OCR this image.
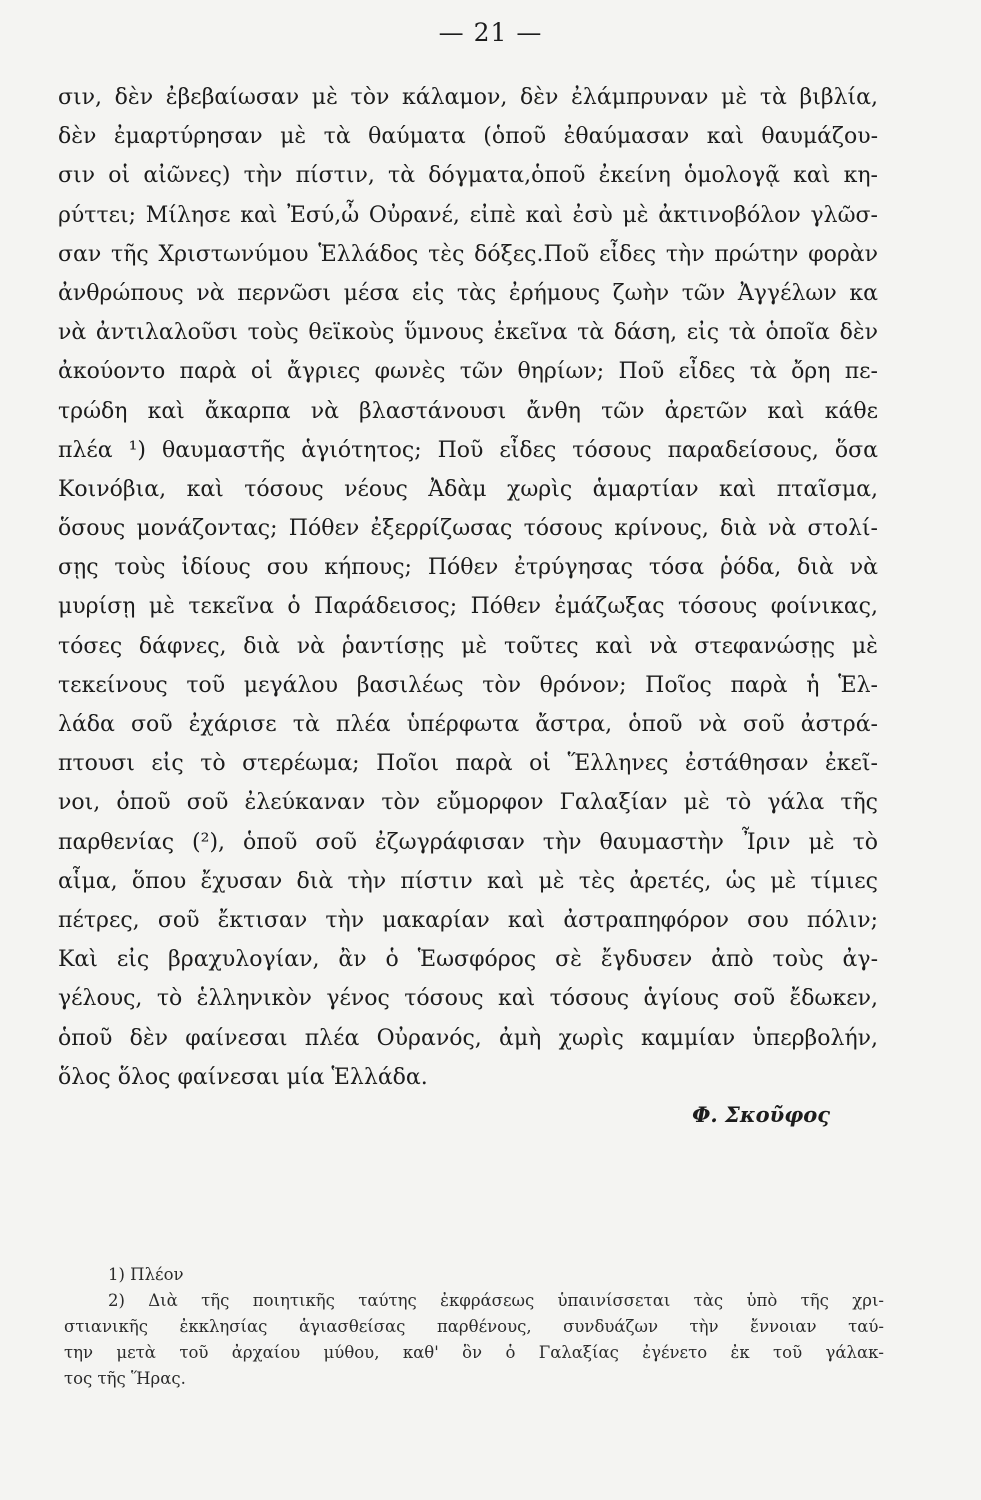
— 21 —
σιν, δὲν ἐβεβαίωσαν μὲ τὸν κάλαμον, δὲν ἐλάμπρυναν μὲ τὰ βιβλία,
δὲν ἐμαρτύρησαν μὲ τὰ θαύματα (ὁποῦ ἐθαύμασαν καὶ θαυμάζου-
σιν οἱ αἰῶνες) τὴν πίστιν, τὰ δόγματα,ὁποῦ ἐκείνη ὁμολογᾷ καὶ κη-
ρύττει; Μίλησε καὶ Ἐσύ,ὦ Οὐρανέ, εἰπὲ καὶ ἐσὺ μὲ ἀκτινοβόλον γλῶσ-
σαν τῆς Χριστωνύμου Ἑλλάδος τὲς δόξες.Ποῦ εἶδες τὴν πρώτην φορὰν
ἀνθρώπους νὰ περνῶσι μέσα εἰς τὰς ἐρήμους ζωὴν τῶν Ἀγγέλων κα
νὰ ἀντιλαλοῦσι τοὺς θεϊκοὺς ὕμνους ἐκεῖνα τὰ δάση, εἰς τὰ ὁποῖα δὲν
ἀκούοντο παρὰ οἱ ἄγριες φωνὲς τῶν θηρίων; Ποῦ εἶδες τὰ ὄρη πε-
τρώδη καὶ ἄκαρπα νὰ βλαστάνουσι ἄνθη τῶν ἀρετῶν καὶ κάθε
πλέα ¹) θαυμαστῆς ἁγιότητος; Ποῦ εἶδες τόσους παραδείσους, ὅσα
Κοινόβια, καὶ τόσους νέους Ἀδὰμ χωρὶς ἁμαρτίαν καὶ πταῖσμα,
ὅσους μονάζοντας; Πόθεν ἐξερρίζωσας τόσους κρίνους, διὰ νὰ στολί-
σῃς τοὺς ἰδίους σου κήπους; Πόθεν ἐτρύγησας τόσα ῥόδα, διὰ νὰ
μυρίσῃ μὲ τεκεῖνα ὁ Παράδεισος; Πόθεν ἐμάζωξας τόσους φοίνικας,
τόσες δάφνες, διὰ νὰ ῥαντίσῃς μὲ τοῦτες καὶ νὰ στεφανώσῃς μὲ
τεκείνους τοῦ μεγάλου βασιλέως τὸν θρόνον; Ποῖος παρὰ ἡ Ἑλ-
λάδα σοῦ ἐχάρισε τὰ πλέα ὑπέρφωτα ἄστρα, ὁποῦ νὰ σοῦ ἀστρά-
πτουσι εἰς τὸ στερέωμα; Ποῖοι παρὰ οἱ Ἕλληνες ἐστάθησαν ἐκεῖ-
νοι, ὁποῦ σοῦ ἐλεύκαναν τὸν εὔμορφον Γαλαξίαν μὲ τὸ γάλα τῆς
παρθενίας (²), ὁποῦ σοῦ ἐζωγράφισαν τὴν θαυμαστὴν Ἶριν μὲ τὸ
αἷμα, ὅπου ἔχυσαν διὰ τὴν πίστιν καὶ μὲ τὲς ἀρετές, ὡς μὲ τίμιες
πέτρες, σοῦ ἔκτισαν τὴν μακαρίαν καὶ ἀστραπηφόρον σου πόλιν;
Καὶ εἰς βραχυλογίαν, ἂν ὁ Ἑωσφόρος σὲ ἔγδυσεν ἀπὸ τοὺς ἀγ-
γέλους, τὸ ἑλληνικὸν γένος τόσους καὶ τόσους ἁγίους σοῦ ἔδωκεν,
ὁποῦ δὲν φαίνεσαι πλέα Οὐρανός, ἀμὴ χωρὶς καμμίαν ὑπερβολήν,
ὅλος ὅλος φαίνεσαι μία Ἑλλάδα.
Φ. Σκοῦφος
1) Πλέον
2) Διὰ τῆς ποιητικῆς ταύτης ἐκφράσεως ὑπαινίσσεται τὰς ὑπὸ τῆς χρι-
στιανικῆς ἐκκλησίας ἁγιασθείσας παρθένους, συνδυάζων τὴν ἔννοιαν ταύ-
την μετὰ τοῦ ἀρχαίου μύθου, καθ' ὃν ὁ Γαλαξίας ἐγένετο ἐκ τοῦ γάλακ-
τος τῆς Ἥρας.
